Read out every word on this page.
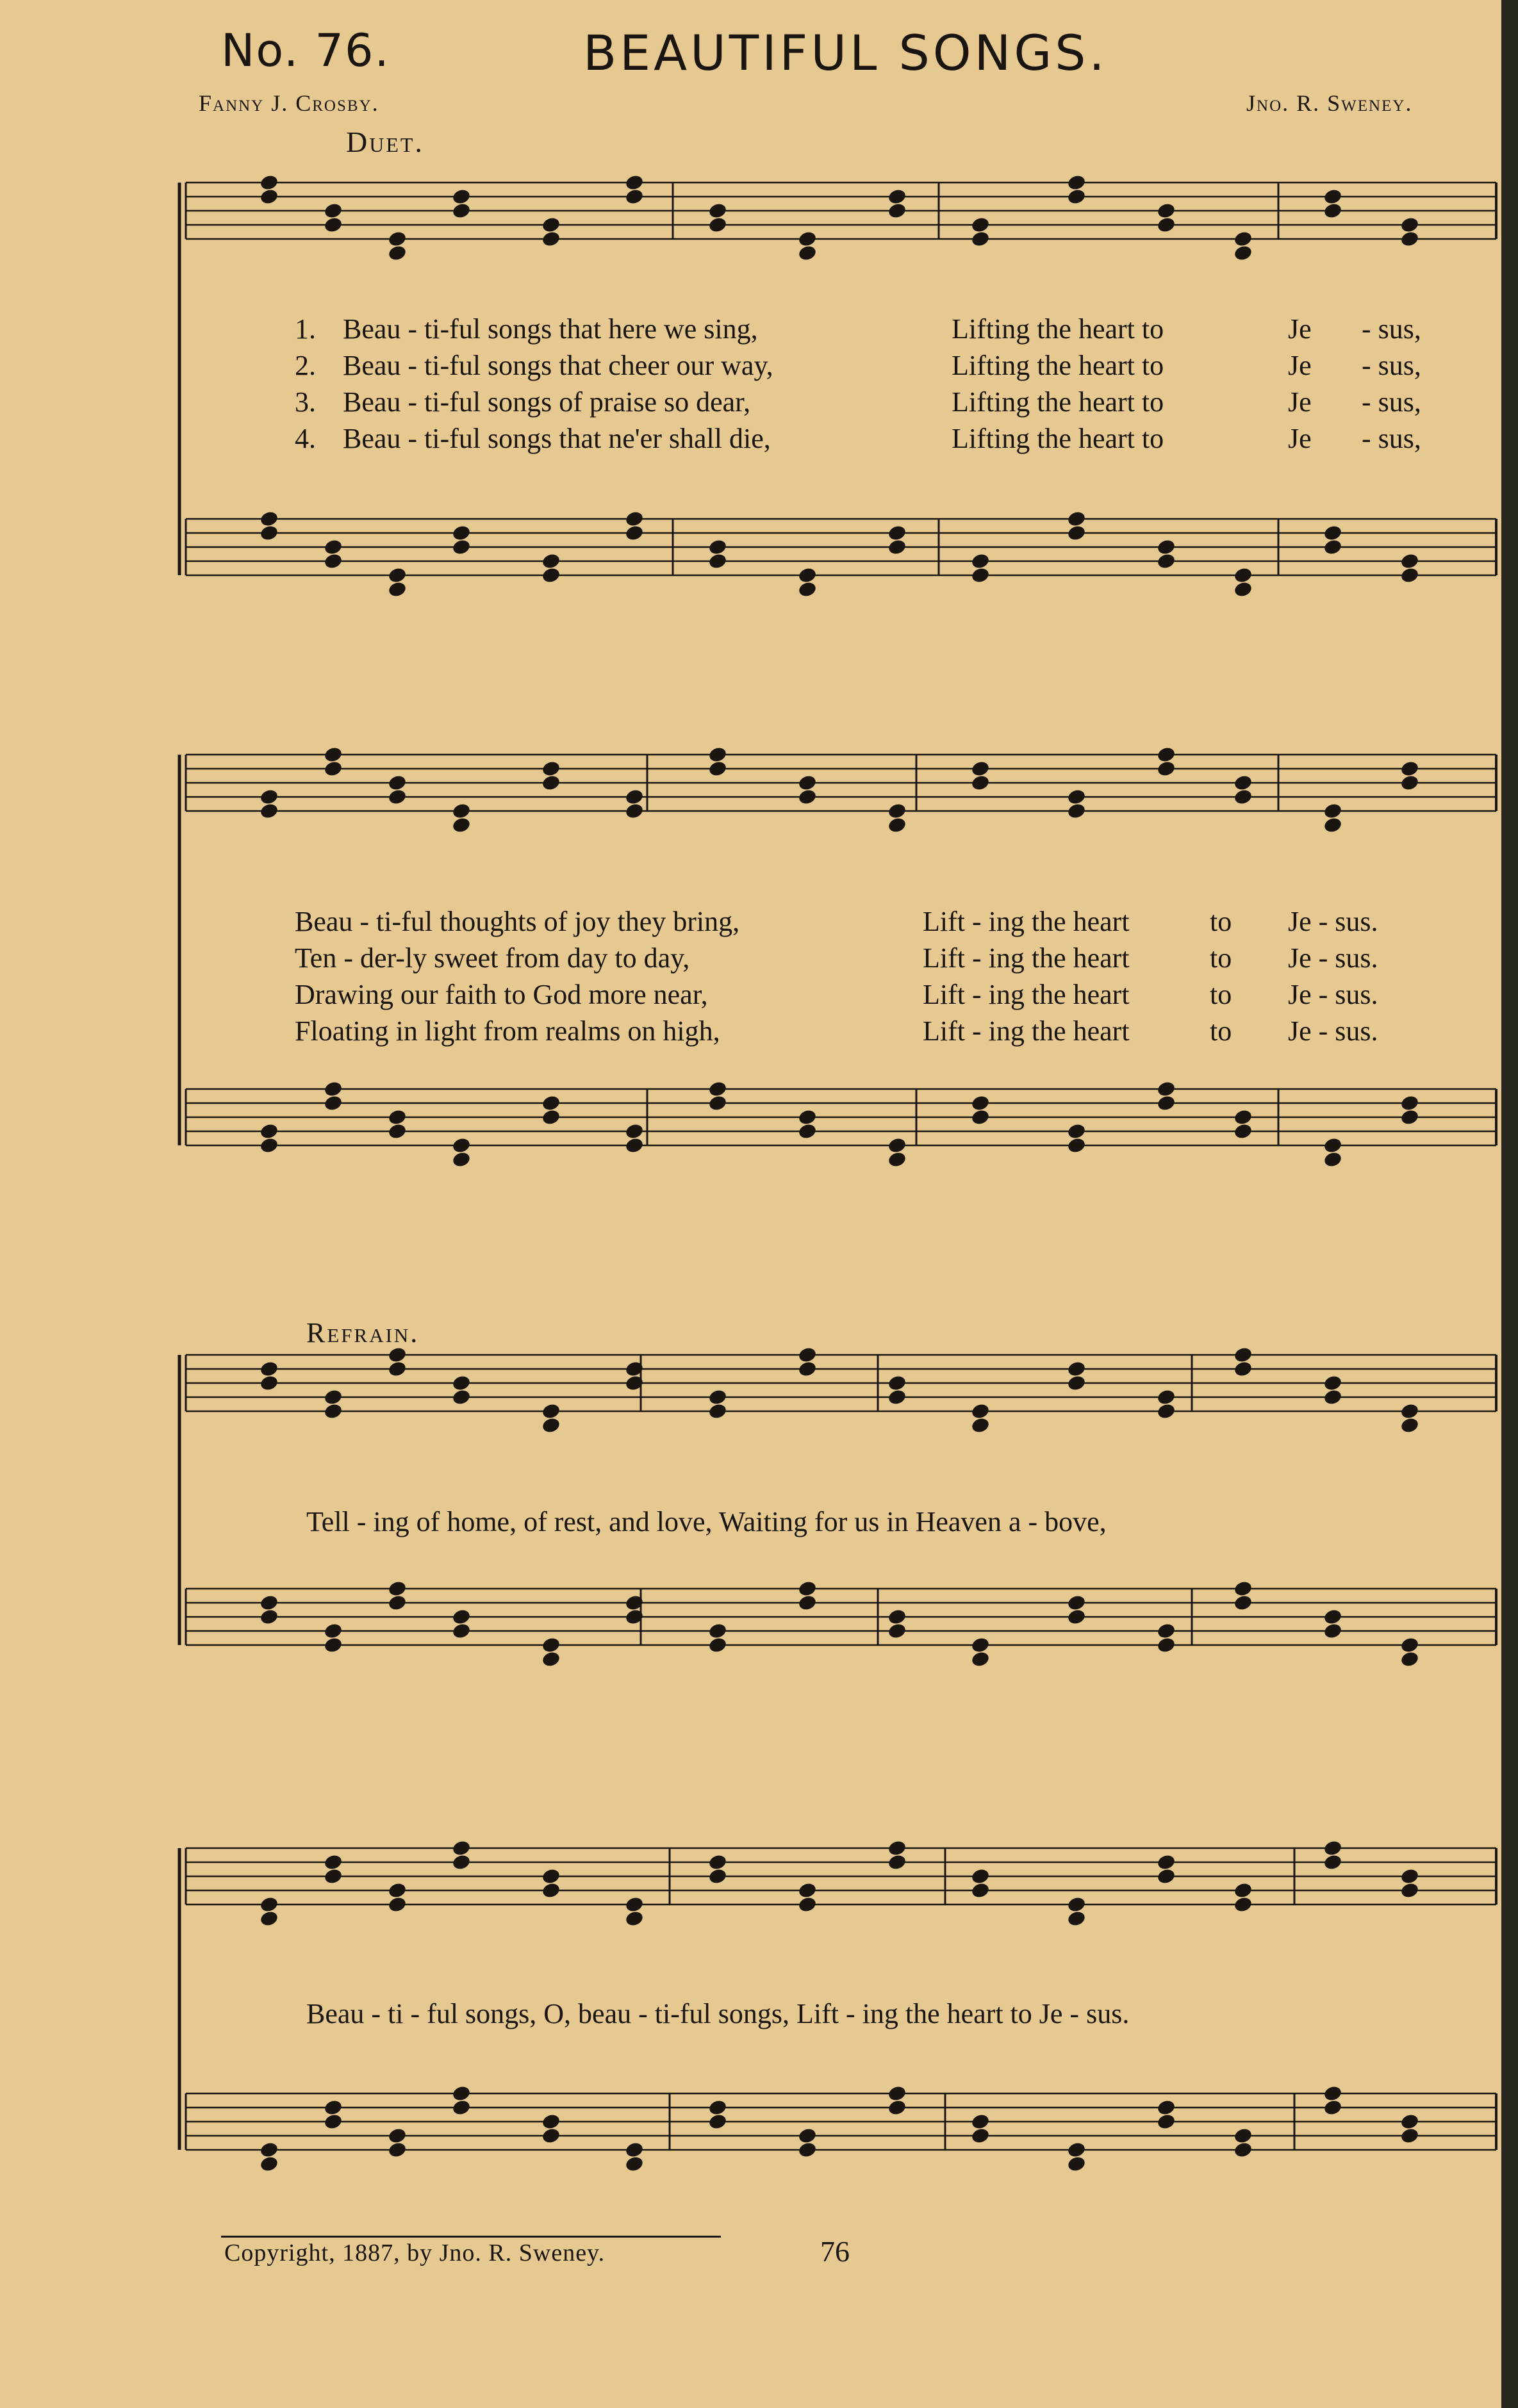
No. 76.	BEAUTIFUL SONGS.
Fanny J. Crosby.	Jno. R. Sweney.
Duet.
Refrain.
1. Beau - ti-ful songs that here we sing,	Lifting the heart to	Je - sus,
2. Beau - ti-ful songs that cheer our way,	Lifting the heart to	Je - sus,
3. Beau - ti-ful songs of praise so dear,	Lifting the heart to	Je - sus,
4. Beau - ti-ful songs that ne'er shall die,	Lifting the heart to	Je - sus,
Beau - ti-ful thoughts of joy they bring,	Lift - ing the heart	to Je - sus.
Ten - der-ly sweet from day to day,	Lift - ing the heart	to Je - sus.
Drawing our faith to God more near,	Lift - ing the heart	to Je - sus.
Floating in light from realms on high,	Lift - ing the heart	to Je - sus.
Tell - ing of home, of rest, and love, Waiting for us in Heaven a - bove,
Beau - ti - ful songs, O, beau - ti-ful songs, Lift - ing the heart to Je - sus.
Copyright, 1887, by Jno. R. Sweney.	76
